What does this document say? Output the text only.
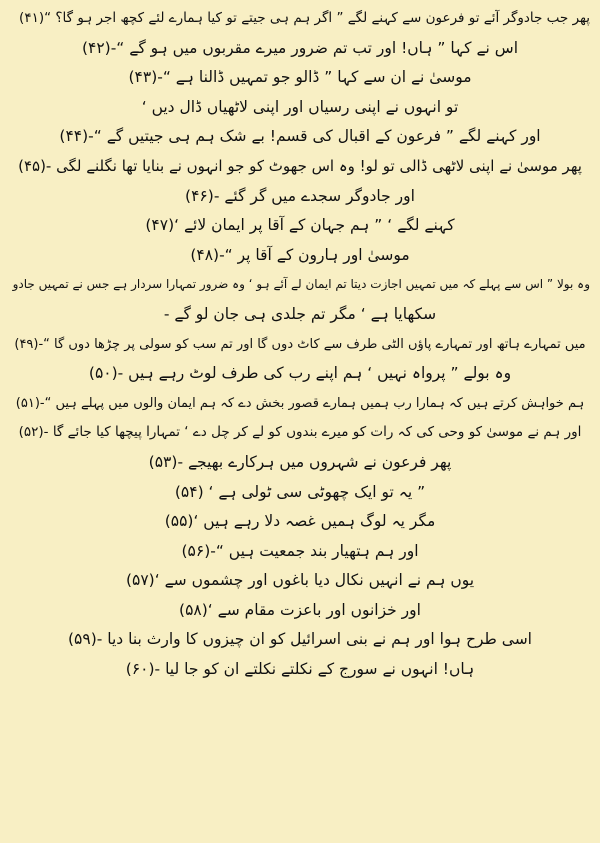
پھر جب جادوگر آئے تو فرعون سے کہنے لگے ” اگر ہم ہی جیتے تو کیا ہمارے لئے کچھ اجر ہو گا؟ “(۴۱)

اس نے کہا ” ہاں! اور تب تم ضرور میرے مقربوں میں ہو گے “-(۴۲)

موسیٰ نے ان سے کہا ” ڈالو جو تمہیں ڈالنا ہے “-(۴۳)

تو انہوں نے اپنی رسیاں اور اپنی لاٹھیاں ڈال دیں ‘

اور کہنے لگے ” فرعون کے اقبال کی قسم! بے شک ہم ہی جیتیں گے “-(۴۴)

پھر موسیٰ نے اپنی لاٹھی ڈالی تو لو! وہ اس جھوٹ کو جو انہوں نے بنایا تھا نگلنے لگی -(۴۵)

اور جادوگر سجدے میں گر گئے -(۴۶)

کہنے لگے ‘ ” ہم جہان کے آقا پر ایمان لائے ‘(۴۷)

موسیٰ اور ہارون کے آقا پر “-(۴۸)

وہ بولا ” اس سے پہلے کہ میں تمہیں اجازت دیتا تم ایمان لے آئے ہو ‘ وہ ضرور تمہارا سردار ہے جس نے تمہیں جادو

سکھایا ہے ‘ مگر تم جلدی ہی جان لو گے -

میں تمہارے ہاتھ اور تمہارے پاؤں الٹی طرف سے کاٹ دوں گا اور تم سب کو سولی پر چڑھا دوں گا “-(۴۹)

وہ بولے ” پرواہ نہیں ‘ ہم اپنے رب کی طرف لوٹ رہے ہیں -(۵۰)

ہم خواہش کرتے ہیں کہ ہمارا رب ہمیں ہمارے قصور بخش دے کہ ہم ایمان والوں میں پہلے ہیں “-(۵۱)

اور ہم نے موسیٰ کو وحی کی کہ رات کو میرے بندوں کو لے کر چل دے ‘ تمہارا پیچھا کیا جائے گا -(۵۲)

پھر فرعون نے شہروں میں ہرکارے بھیجے -(۵۳)

” یہ تو ایک چھوٹی سی ٹولی ہے ‘ (۵۴)

مگر یہ لوگ ہمیں غصہ دلا رہے ہیں ‘(۵۵)

اور ہم ہتھیار بند جمعیت ہیں “-(۵۶)

یوں ہم نے انہیں نکال دیا باغوں اور چشموں سے ‘(۵۷)

اور خزانوں اور باعزت مقام سے ‘(۵۸)

اسی طرح ہوا اور ہم نے بنی اسرائیل کو ان چیزوں کا وارث بنا دیا -(۵۹)

ہاں! انہوں نے سورج کے نکلتے نکلتے ان کو جا لیا -(۶۰)
